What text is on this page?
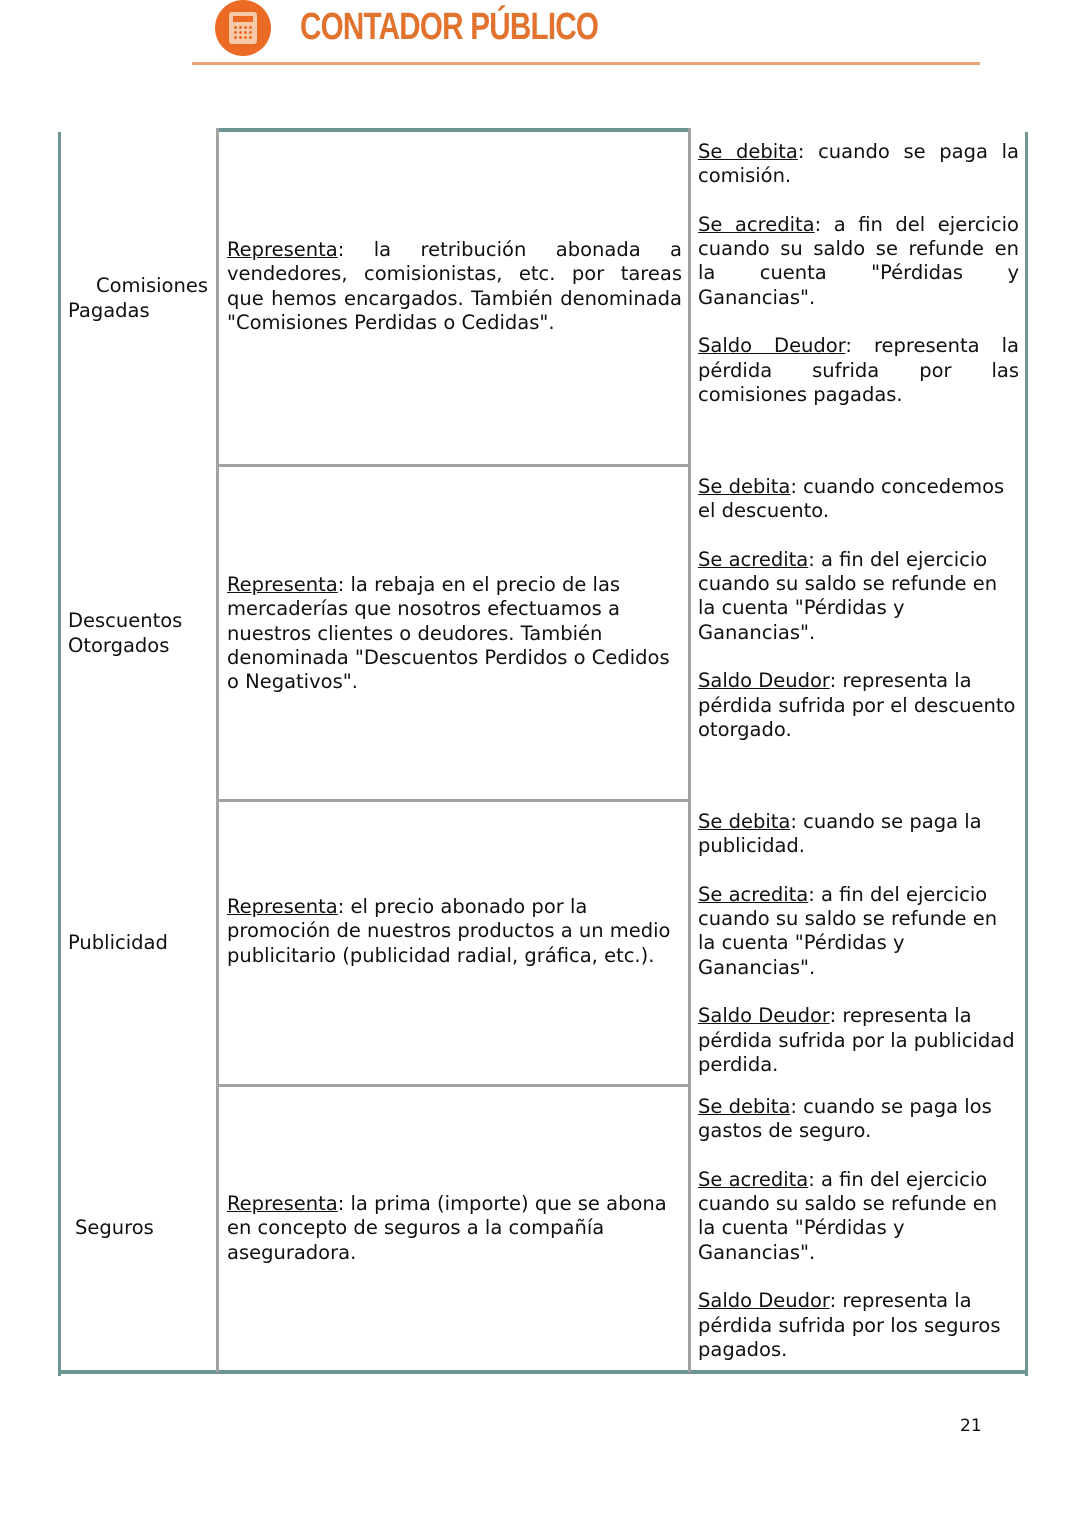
CONTADOR PÚBLICO
Comisiones
Pagadas
Representa: la retribución abonada a vendedores, comisionistas, etc. por tareas que hemos encargados. También denominada "Comisiones Perdidas o Cedidas".

Se debita: cuando se paga la comisión.

Se acredita: a fin del ejercicio cuando su saldo se refunde en la cuenta "Pérdidas y Ganancias".

Saldo Deudor: representa la pérdida sufrida por las comisiones pagadas.

Descuentos
Otorgados
Representa: la rebaja en el precio de las mercaderías que nosotros efectuamos a nuestros clientes o deudores. También denominada "Descuentos Perdidos o Cedidos o Negativos".

Se debita: cuando concedemos el descuento.

Se acredita: a fin del ejercicio cuando su saldo se refunde en la cuenta "Pérdidas y Ganancias".

Saldo Deudor: representa la pérdida sufrida por el descuento otorgado.

Publicidad
Representa: el precio abonado por la promoción de nuestros productos a un medio publicitario (publicidad radial, gráfica, etc.).

Se debita: cuando se paga la publicidad.

Se acredita: a fin del ejercicio cuando su saldo se refunde en la cuenta "Pérdidas y Ganancias".

Saldo Deudor: representa la pérdida sufrida por la publicidad perdida.

Seguros
Representa: la prima (importe) que se abona en concepto de seguros a la compañía aseguradora.

Se debita: cuando se paga los gastos de seguro.

Se acredita: a fin del ejercicio cuando su saldo se refunde en la cuenta "Pérdidas y Ganancias".

Saldo Deudor: representa la pérdida sufrida por los seguros pagados.

21
